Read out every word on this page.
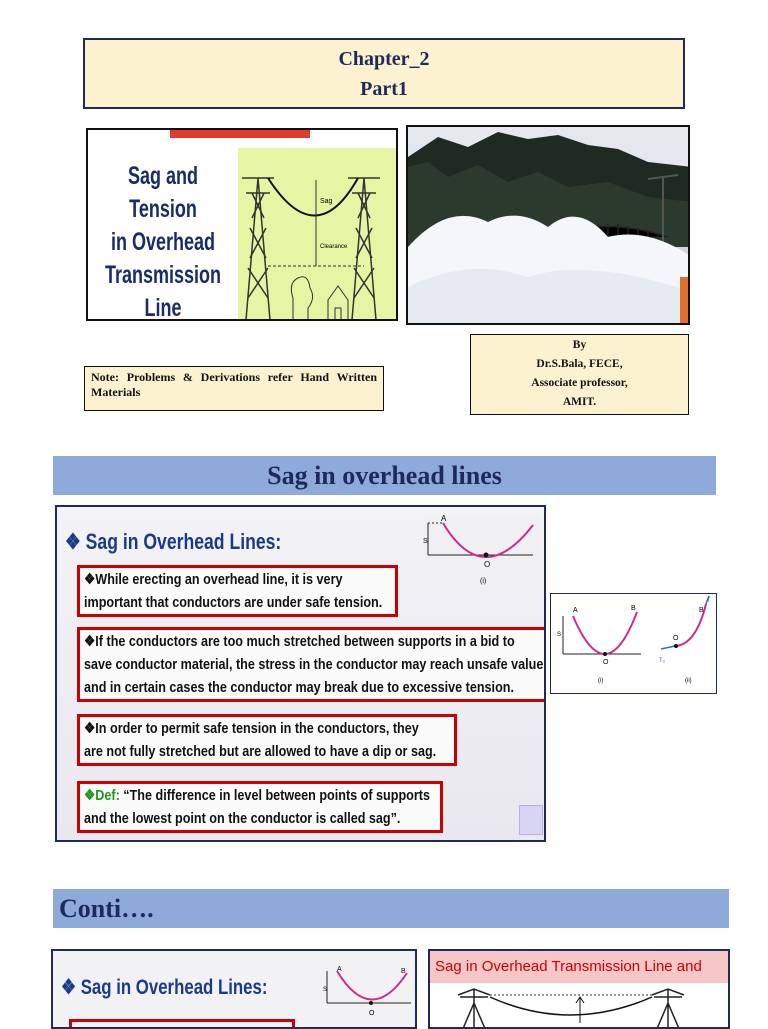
Chapter_2
Part1
Sag and Tension
in Overhead
Transmission Line
Sag
Clearance
Note: Problems & Derivations refer Hand Written Materials
By
Dr.S.Bala, FECE,
Associate professor,
AMIT.
Sag in overhead lines
❖ Sag in Overhead Lines:
A
S
O
(i)
❖While erecting an overhead line, it is very
important that conductors are under safe tension.
❖If the conductors are too much stretched between supports in a bid to
save conductor material, the stress in the conductor may reach unsafe value
and in certain cases the conductor may break due to excessive tension.
❖In order to permit safe tension in the conductors, they
are not fully stretched but are allowed to have a dip or sag.
❖Def: “The difference in level between points of supports
and the lowest point on the conductor is called sag”.
A	B
S
O
(i)
O
B
T
T₀
(ii)
Conti….
❖ Sag in Overhead Lines:
A	B
S
O
Sag in Overhead Transmission Line and
